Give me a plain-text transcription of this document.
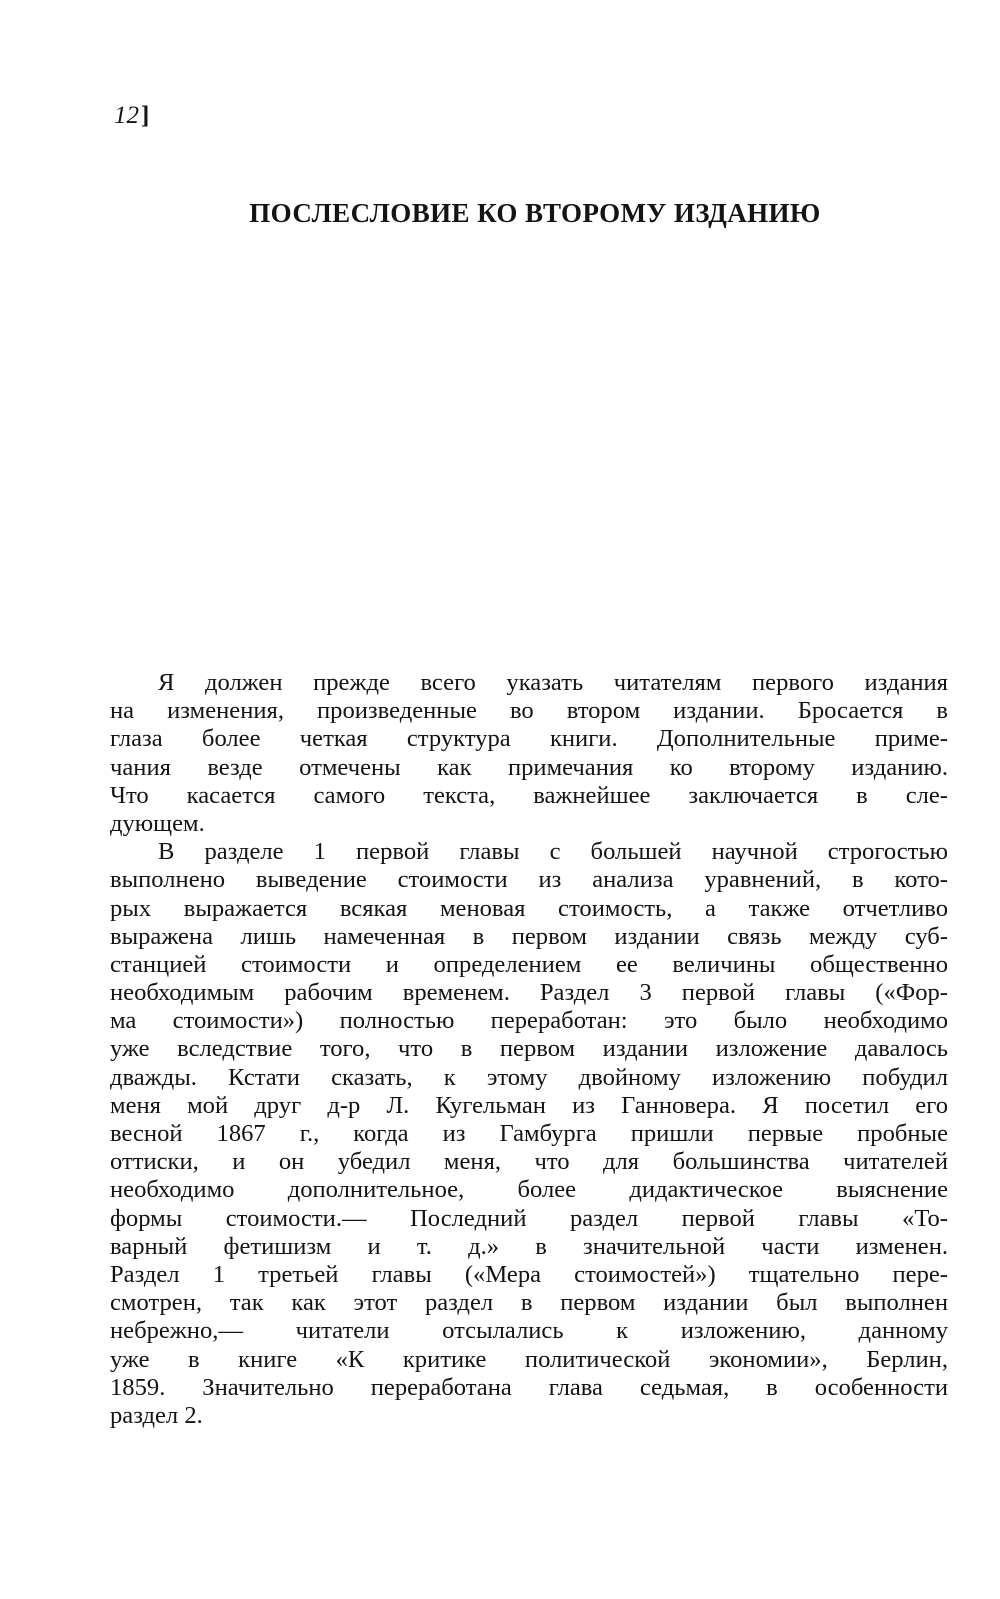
12]
ПОСЛЕСЛОВИЕ КО ВТОРОМУ ИЗДАНИЮ
Я должен прежде всего указать читателям первого издания
на изменения, произведенные во втором издании. Бросается в
глаза более четкая структура книги. Дополнительные приме-
чания везде отмечены как примечания ко второму изданию.
Что касается самого текста, важнейшее заключается в сле-
дующем.
В разделе 1 первой главы с большей научной строгостью
выполнено выведение стоимости из анализа уравнений, в кото-
рых выражается всякая меновая стоимость, а также отчетливо
выражена лишь намеченная в первом издании связь между суб-
станцией стоимости и определением ее величины общественно
необходимым рабочим временем. Раздел 3 первой главы («Фор-
ма стоимости») полностью переработан: это было необходимо
уже вследствие того, что в первом издании изложение давалось
дважды. Кстати сказать, к этому двойному изложению побудил
меня мой друг д-р Л. Кугельман из Ганновера. Я посетил его
весной 1867 г., когда из Гамбурга пришли первые пробные
оттиски, и он убедил меня, что для большинства читателей
необходимо дополнительное, более дидактическое выяснение
формы стоимости.— Последний раздел первой главы «То-
варный фетишизм и т. д.» в значительной части изменен.
Раздел 1 третьей главы («Мера стоимостей») тщательно пере-
смотрен, так как этот раздел в первом издании был выполнен
небрежно,— читатели отсылались к изложению, данному
уже в книге «К критике политической экономии», Берлин,
1859. Значительно переработана глава седьмая, в особенности
раздел 2.
